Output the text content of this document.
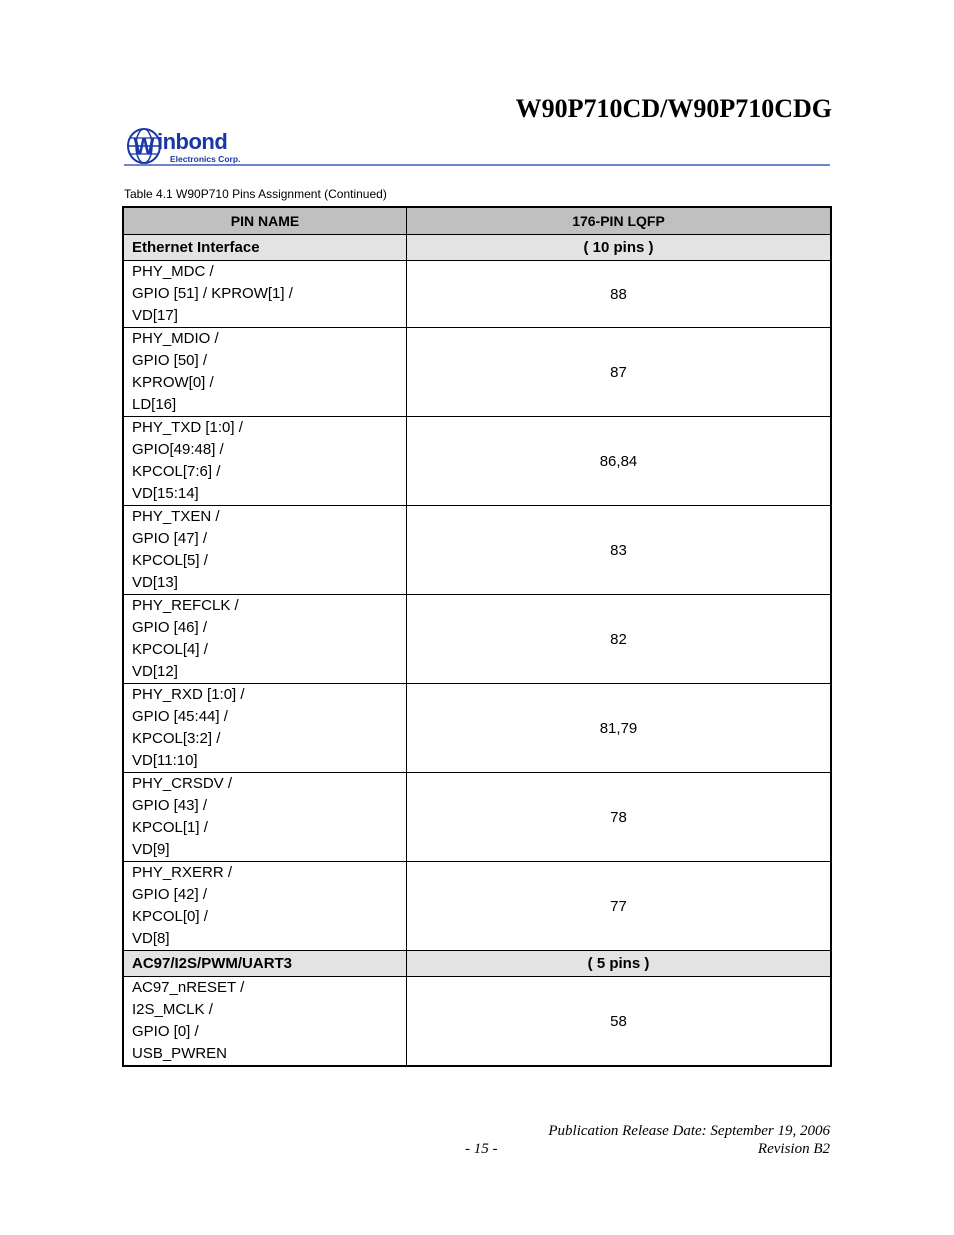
W90P710CD/W90P710CDG
W inbond
Electronics Corp.
Table 4.1 W90P710 Pins Assignment (Continued)
PIN NAME	176-PIN LQFP
Ethernet Interface	( 10 pins )

PHY_MDC /
GPIO [51] / KPROW[1] /
VD[17]	88

PHY_MDIO /
GPIO [50] /
KPROW[0] /
LD[16]	87

PHY_TXD [1:0] /
GPIO[49:48] /
KPCOL[7:6] /
VD[15:14]	86,84

PHY_TXEN /
GPIO [47] /
KPCOL[5] /
VD[13]	83

PHY_REFCLK /
GPIO [46] /
KPCOL[4] /
VD[12]	82

PHY_RXD [1:0] /
GPIO [45:44] /
KPCOL[3:2] /
VD[11:10]	81,79

PHY_CRSDV /
GPIO [43] /
KPCOL[1] /
VD[9]	78

PHY_RXERR /
GPIO [42] /
KPCOL[0] /
VD[8]	77
AC97/I2S/PWM/UART3	( 5 pins )

AC97_nRESET /
I2S_MCLK /
GPIO [0] /
USB_PWREN	58
Publication Release Date: September 19, 2006
- 15 -	Revision B2
